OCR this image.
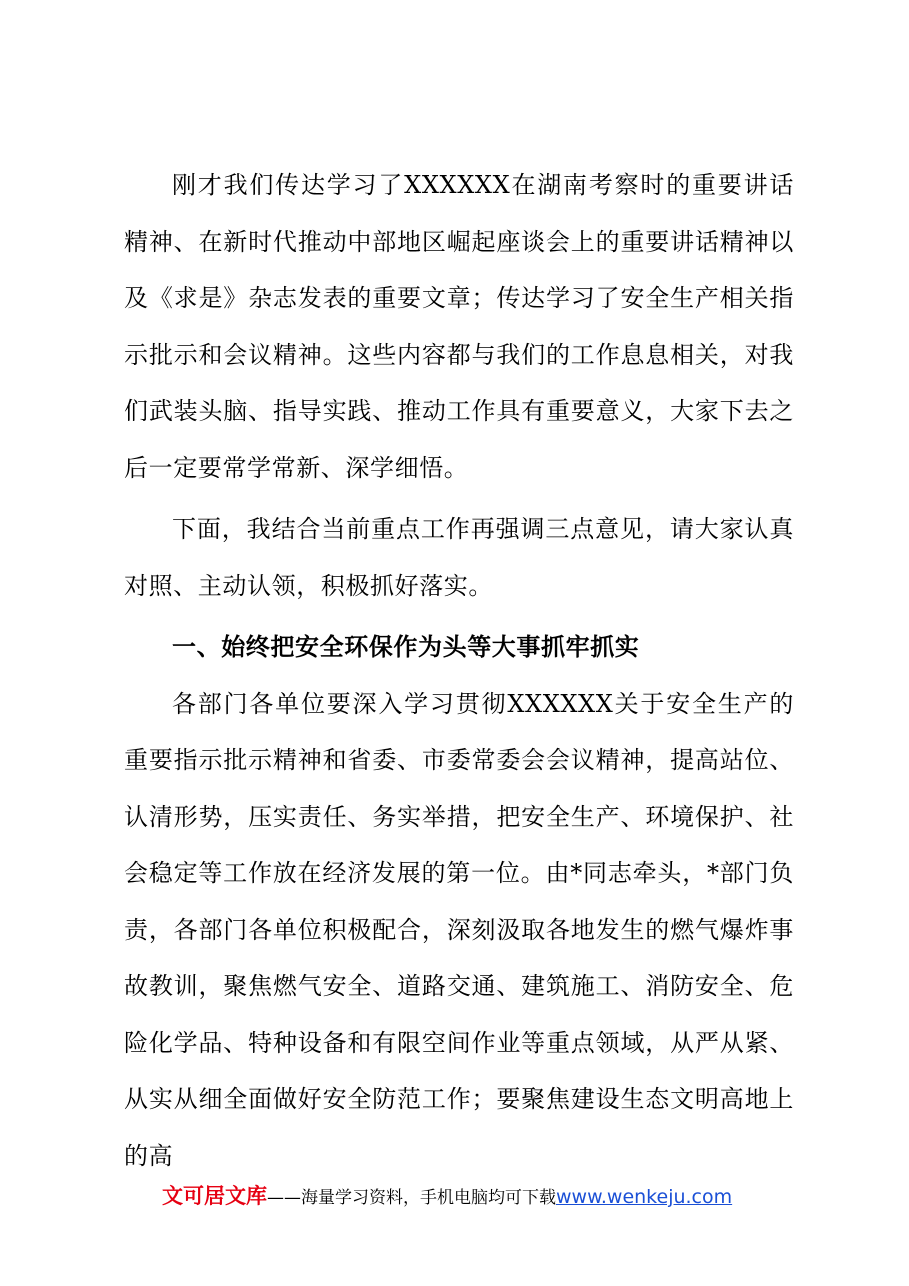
刚才我们传达学习了XXXXXX在湖南考察时的重要讲话精神、在新时代推动中部地区崛起座谈会上的重要讲话精神以及《求是》杂志发表的重要文章；传达学习了安全生产相关指示批示和会议精神。这些内容都与我们的工作息息相关，对我们武装头脑、指导实践、推动工作具有重要意义，大家下去之后一定要常学常新、深学细悟。

下面，我结合当前重点工作再强调三点意见，请大家认真对照、主动认领，积极抓好落实。

一、始终把安全环保作为头等大事抓牢抓实

各部门各单位要深入学习贯彻XXXXXX关于安全生产的重要指示批示精神和省委、市委常委会会议精神，提高站位、认清形势，压实责任、务实举措，把安全生产、环境保护、社会稳定等工作放在经济发展的第一位。由*同志牵头，*部门负责，各部门各单位积极配合，深刻汲取各地发生的燃气爆炸事故教训，聚焦燃气安全、道路交通、建筑施工、消防安全、危险化学品、特种设备和有限空间作业等重点领域，从严从紧、从实从细全面做好安全防范工作；要聚焦建设生态文明高地上的高

文可居文库——海量学习资料，手机电脑均可下载www.wenkeju.com
